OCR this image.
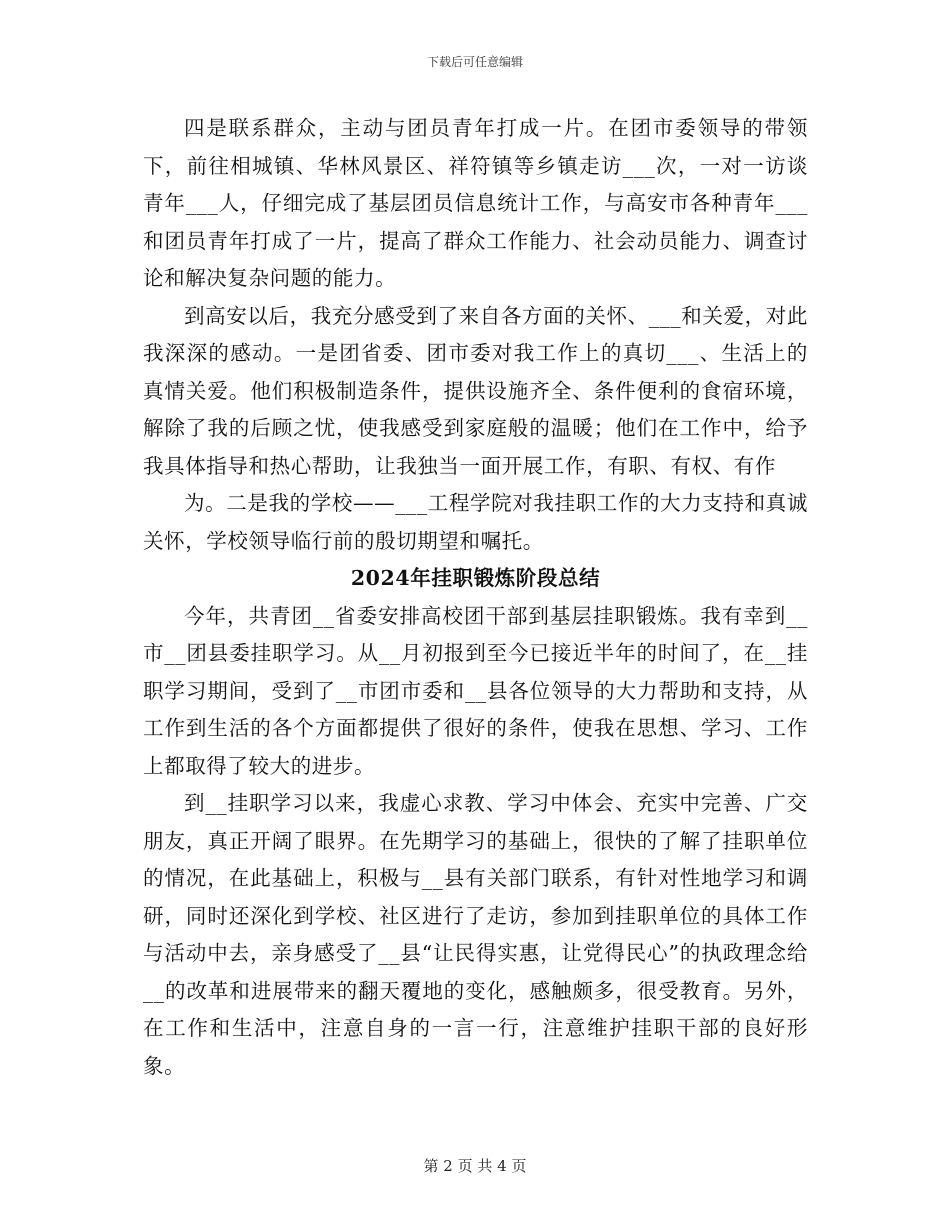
下载后可任意编辑

四是联系群众，主动与团员青年打成一片。在团市委领导的带领下，前往相城镇、华林风景区、祥符镇等乡镇走访___次，一对一访谈青年___人，仔细完成了基层团员信息统计工作，与高安市各种青年___和团员青年打成了一片，提高了群众工作能力、社会动员能力、调查讨论和解决复杂问题的能力。

到高安以后，我充分感受到了来自各方面的关怀、___和关爱，对此我深深的感动。一是团省委、团市委对我工作上的真切___、生活上的真情关爱。他们积极制造条件，提供设施齐全、条件便利的食宿环境，解除了我的后顾之忧，使我感受到家庭般的温暖；他们在工作中，给予我具体指导和热心帮助，让我独当一面开展工作，有职、有权、有作

为。二是我的学校——___工程学院对我挂职工作的大力支持和真诚关怀，学校领导临行前的殷切期望和嘱托。

2024年挂职锻炼阶段总结

今年，共青团__省委安排高校团干部到基层挂职锻炼。我有幸到__市__团县委挂职学习。从__月初报到至今已接近半年的时间了，在__挂职学习期间，受到了__市团市委和__县各位领导的大力帮助和支持，从工作到生活的各个方面都提供了很好的条件，使我在思想、学习、工作上都取得了较大的进步。

到__挂职学习以来，我虚心求教、学习中体会、充实中完善、广交朋友，真正开阔了眼界。在先期学习的基础上，很快的了解了挂职单位的情况，在此基础上，积极与__县有关部门联系，有针对性地学习和调研，同时还深化到学校、社区进行了走访，参加到挂职单位的具体工作与活动中去，亲身感受了__县“让民得实惠，让党得民心”的执政理念给__的改革和进展带来的翻天覆地的变化，感触颇多，很受教育。另外，在工作和生活中，注意自身的一言一行，注意维护挂职干部的良好形象。

第 2 页 共 4 页
